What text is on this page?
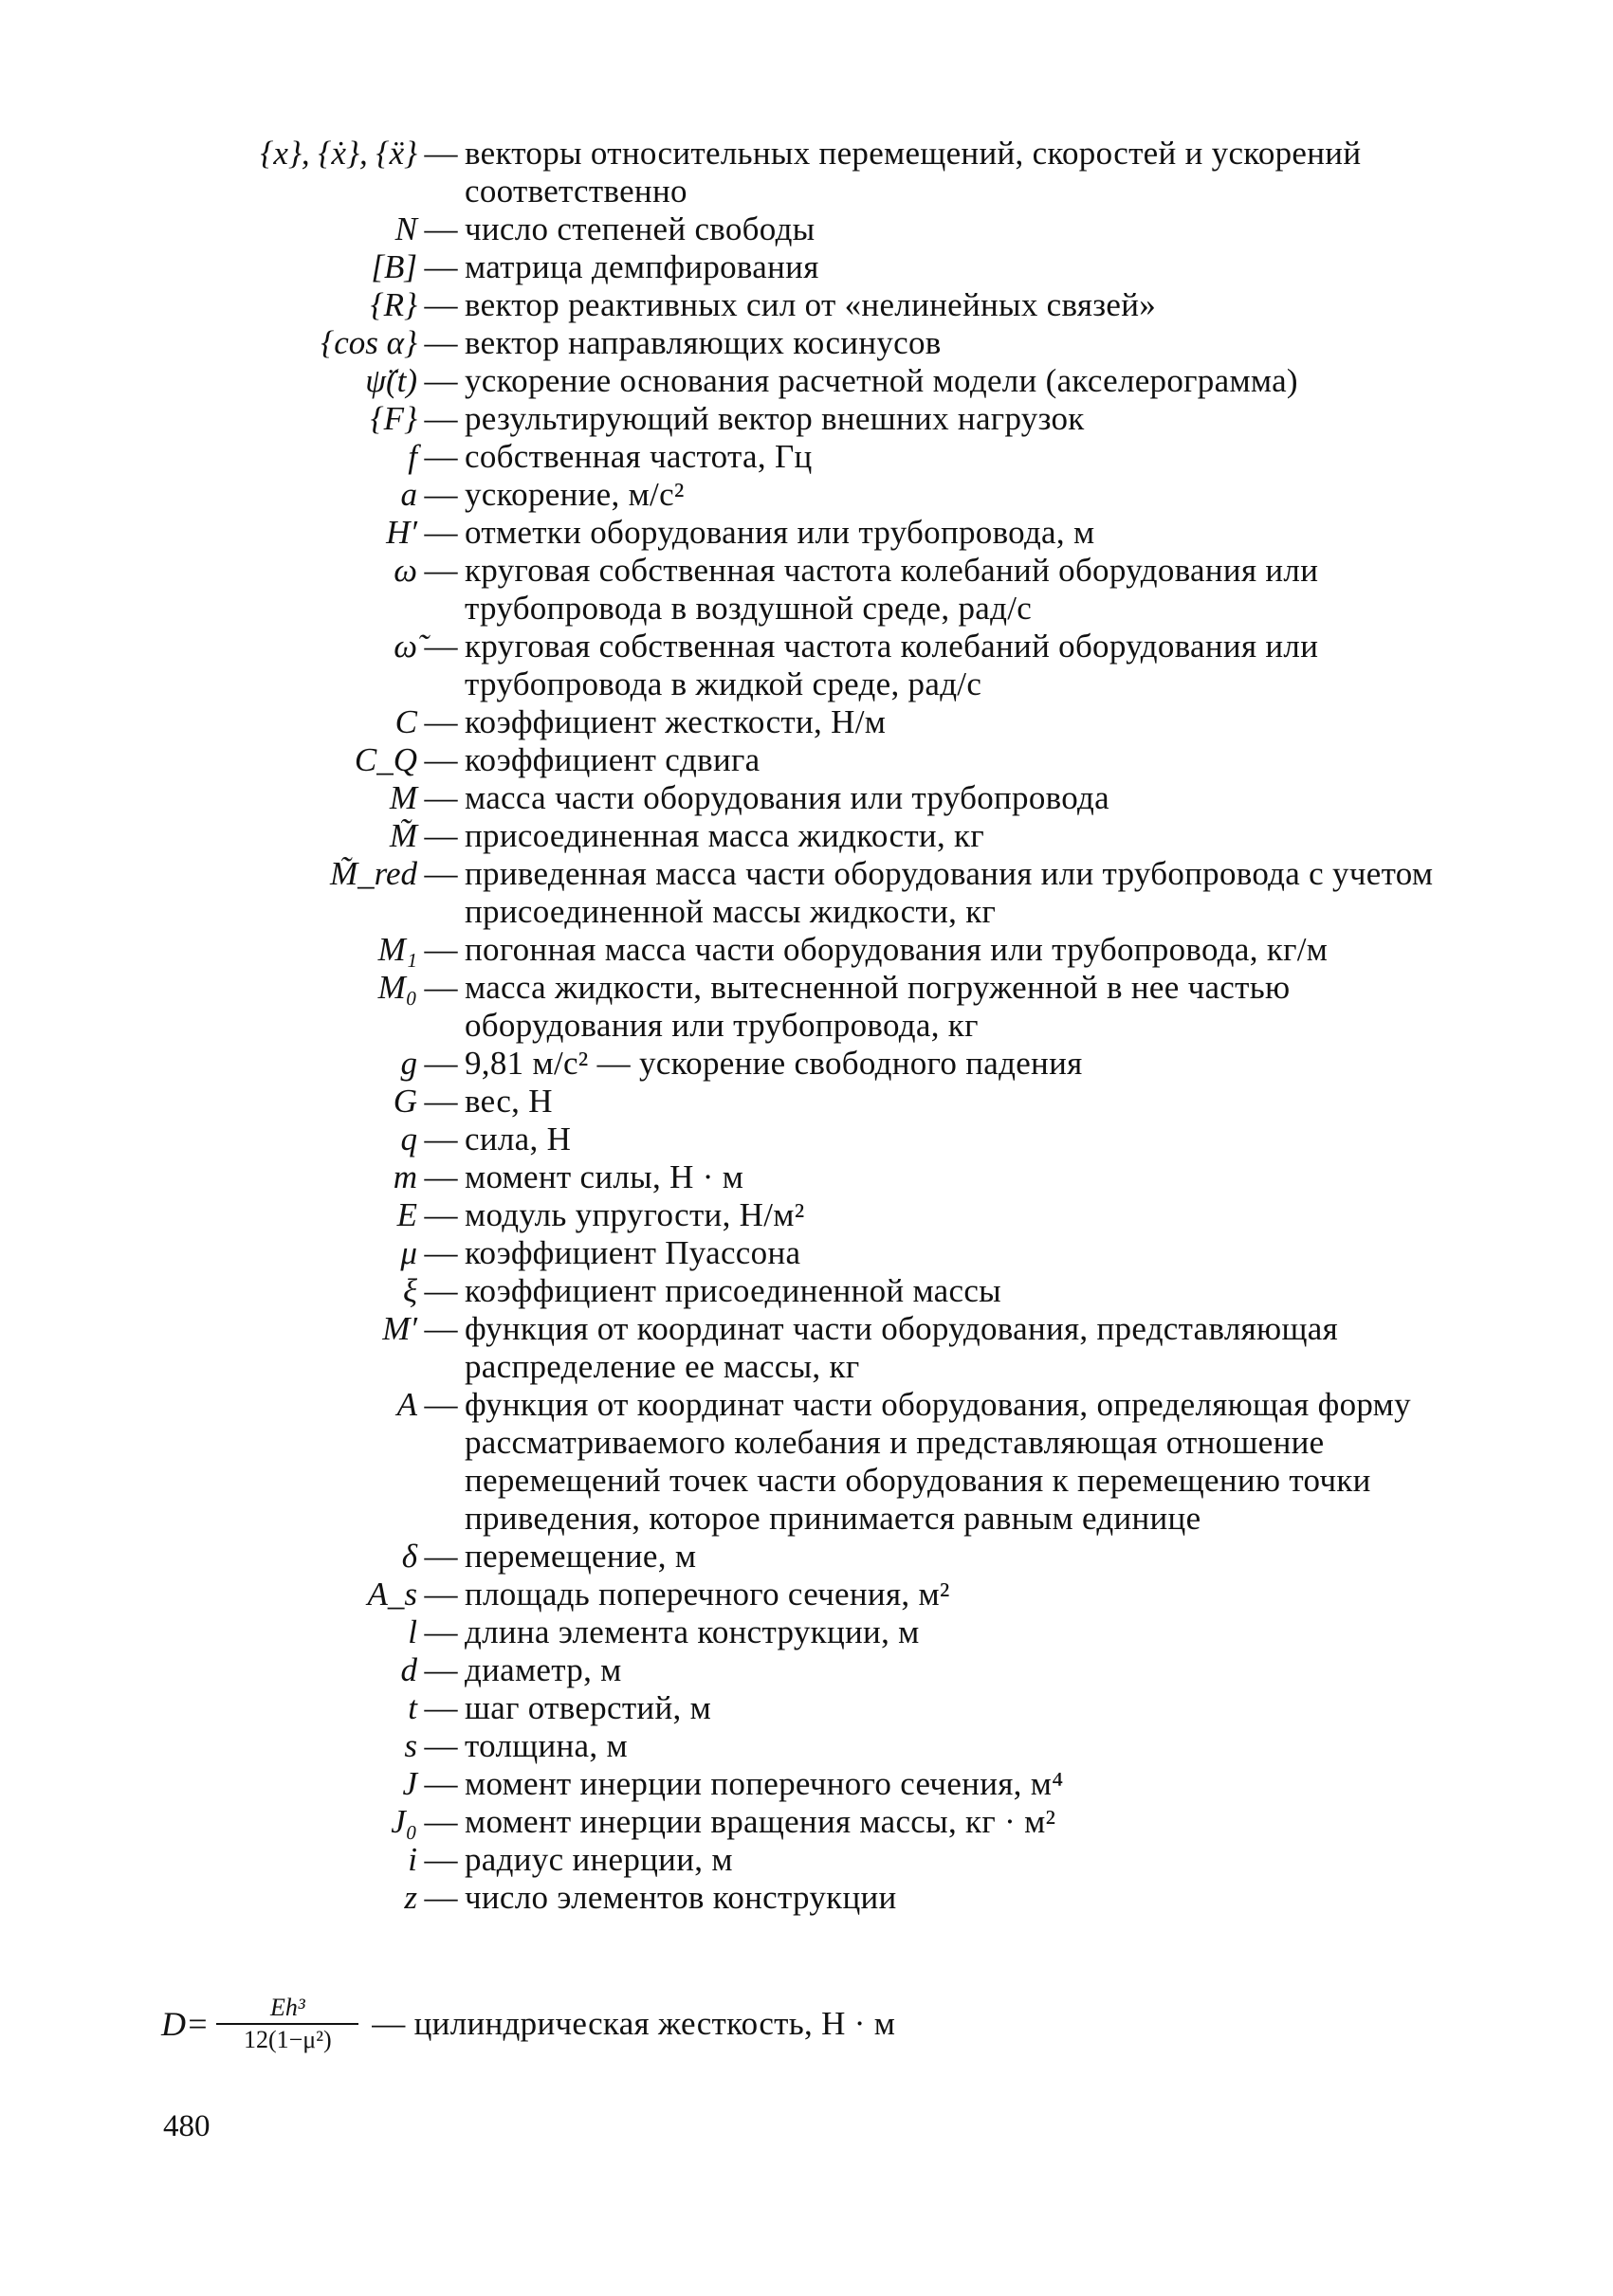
{x}, {ẋ}, {ẍ} — векторы относительных перемещений, скоростей и ускорений соответственно
N — число степеней свободы
[B] — матрица демпфирования
{R} — вектор реактивных сил от «нелинейных связей»
{cos α} — вектор направляющих косинусов
ψ̈(t) — ускорение основания расчетной модели (акселерограмма)
{F} — результирующий вектор внешних нагрузок
f — собственная частота, Гц
a — ускорение, м/с²
H′ — отметки оборудования или трубопровода, м
ω — круговая собственная частота колебаний оборудования или трубопровода в воздушной среде, рад/с
ω̃ — круговая собственная частота колебаний оборудования или трубопровода в жидкой среде, рад/с
C — коэффициент жесткости, Н/м
C_Q — коэффициент сдвига
M — масса части оборудования или трубопровода
M̃ — присоединенная масса жидкости, кг
M̃_red — приведенная масса части оборудования или трубопровода с учетом присоединенной массы жидкости, кг
M₁ — погонная масса части оборудования или трубопровода, кг/м
M₀ — масса жидкости, вытесненной погруженной в нее частью оборудования или трубопровода, кг
g — 9,81 м/с² — ускорение свободного падения
G — вес, Н
q — сила, Н
m — момент силы, Н · м
E — модуль упругости, Н/м²
μ — коэффициент Пуассона
ξ — коэффициент присоединенной массы
M′ — функция от координат части оборудования, представляющая распределение ее массы, кг
A — функция от координат части оборудования, определяющая форму рассматриваемого колебания и представляющая отношение перемещений точек части оборудования к перемещению точки приведения, которое принимается равным единице
δ — перемещение, м
A_s — площадь поперечного сечения, м²
l — длина элемента конструкции, м
d — диаметр, м
t — шаг отверстий, м
s — толщина, м
J — момент инерции поперечного сечения, м⁴
J₀ — момент инерции вращения массы, кг · м²
i — радиус инерции, м
z — число элементов конструкции
$D= \frac{\text{Eh³}}{\text{12(1−μ²)}}$ — цилиндрическая жесткость, Н · м
480
